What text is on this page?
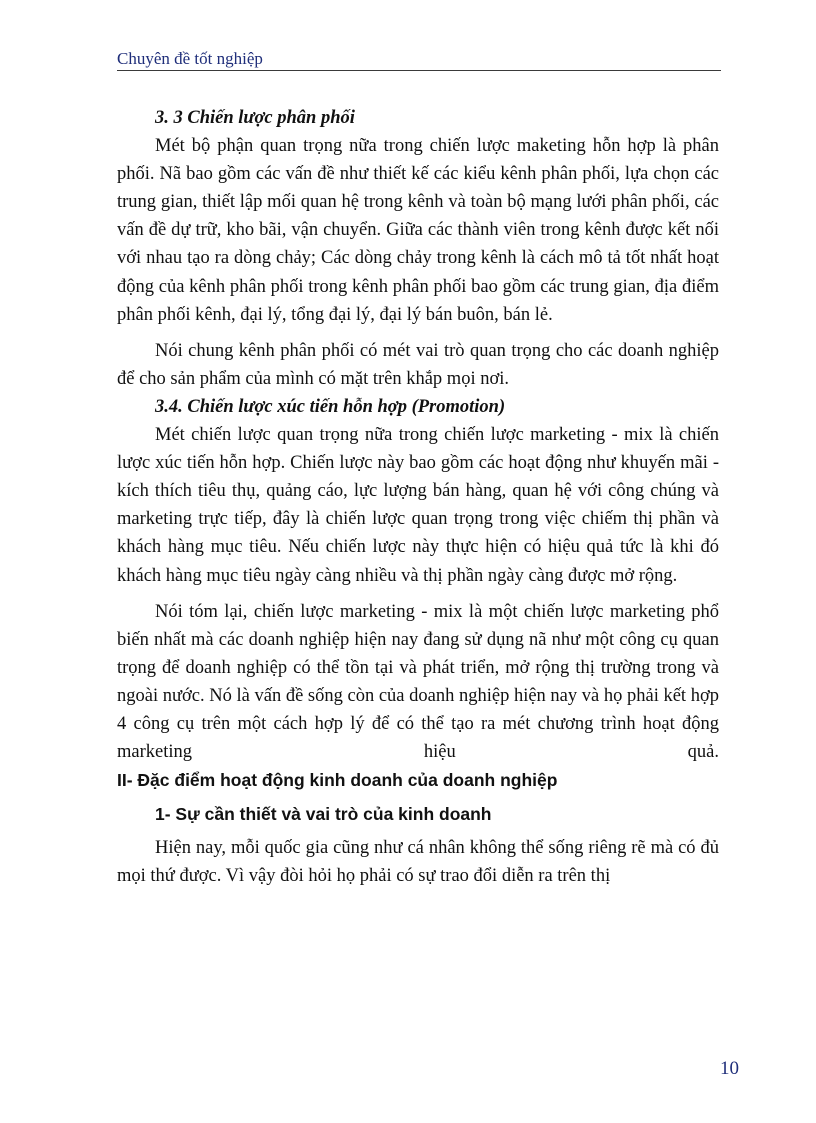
Chuyên đề tốt nghiệp

3. 3 Chiến lược phân phối

Mét bộ phận quan trọng nữa trong chiến lược maketing hỗn hợp là phân phối. Nã bao gồm các vấn đề như thiết kế các kiểu kênh phân phối, lựa chọn các trung gian, thiết lập mối quan hệ trong kênh và toàn bộ mạng lưới phân phối, các vấn đề dự trữ, kho bãi, vận chuyển. Giữa các thành viên trong kênh được kết nối với nhau tạo ra dòng chảy; Các dòng chảy trong kênh là cách mô tả tốt nhất hoạt động của kênh phân phối trong kênh phân phối bao gồm các trung gian, địa điểm phân phối kênh, đại lý, tổng đại lý, đại lý bán buôn, bán lẻ.

Nói chung kênh phân phối có mét vai trò quan trọng cho các doanh nghiệp để cho sản phẩm của mình có mặt trên khắp mọi nơi.

3.4. Chiến lược xúc tiến hỗn hợp (Promotion)

Mét chiến lược quan trọng nữa trong chiến lược marketing - mix là chiến lược xúc tiến hỗn hợp. Chiến lược này bao gồm các hoạt động như khuyến mãi - kích thích tiêu thụ, quảng cáo, lực lượng bán hàng, quan hệ với công chúng và marketing trực tiếp, đây là chiến lược quan trọng trong việc chiếm thị phần và khách hàng mục tiêu. Nếu chiến lược này thực hiện có hiệu quả tức là khi đó khách hàng mục tiêu ngày càng nhiều và thị phần ngày càng được mở rộng.

Nói tóm lại, chiến lược marketing - mix là một chiến lược marketing phổ biến nhất mà các doanh nghiệp hiện nay đang sử dụng nã như một công cụ quan trọng để doanh nghiệp có thể tồn tại và phát triển, mở rộng thị trường trong và ngoài nước. Nó là vấn đề sống còn của doanh nghiệp hiện nay và họ phải kết hợp 4 công cụ trên một cách hợp lý để có thể tạo ra mét chương trình hoạt động marketing hiệu quả.

II- Đặc điểm hoạt động kinh doanh của doanh nghiệp

1- Sự cần thiết và vai trò của kinh doanh

Hiện nay, mỗi quốc gia cũng như cá nhân không thể sống riêng rẽ mà có đủ mọi thứ được. Vì vậy đòi hỏi họ phải có sự trao đổi diễn ra trên thị

10
